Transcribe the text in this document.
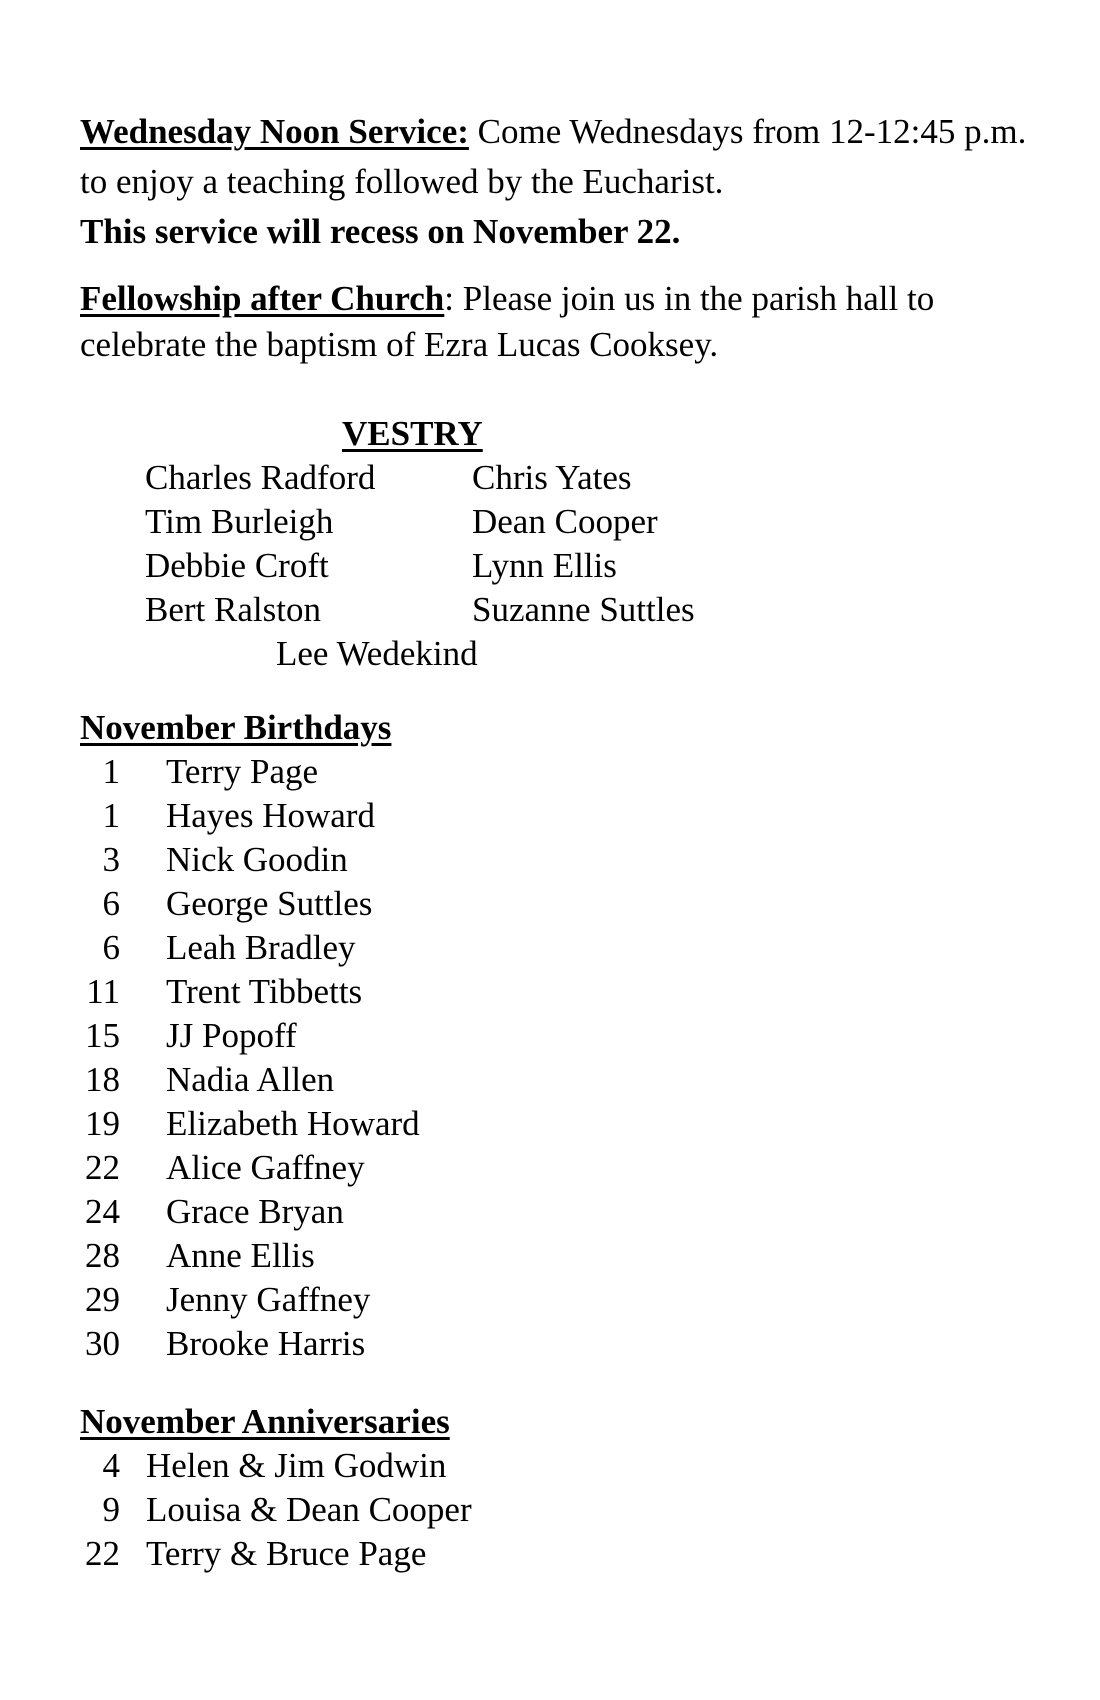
Wednesday Noon Service: Come Wednesdays from 12-12:45 p.m. to enjoy a teaching followed by the Eucharist.
This service will recess on November 22.
Fellowship after Church: Please join us in the parish hall to celebrate the baptism of Ezra Lucas Cooksey.
VESTRY
Charles Radford
Tim Burleigh
Debbie Croft
Bert Ralston
Chris Yates
Dean Cooper
Lynn Ellis
Suzanne Suttles
Lee Wedekind
November Birthdays
1 Terry Page
1 Hayes Howard
3 Nick Goodin
6 George Suttles
6 Leah Bradley
11 Trent Tibbetts
15 JJ Popoff
18 Nadia Allen
19 Elizabeth Howard
22 Alice Gaffney
24 Grace Bryan
28 Anne Ellis
29 Jenny Gaffney
30 Brooke Harris
November Anniversaries
4 Helen & Jim Godwin
9 Louisa & Dean Cooper
22 Terry & Bruce Page
